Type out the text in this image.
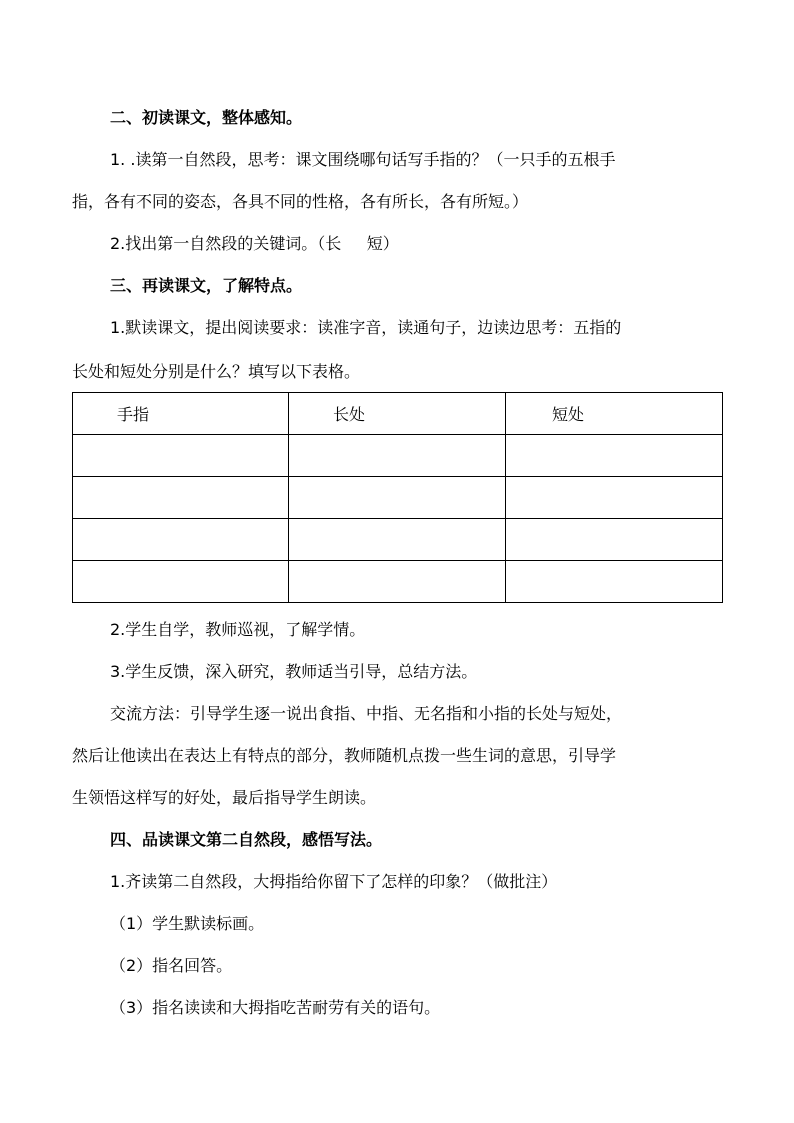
二、初读课文，整体感知。
1. .读第一自然段，思考：课文围绕哪句话写手指的？（一只手的五根手
指，各有不同的姿态，各具不同的性格，各有所长，各有所短。）
2.找出第一自然段的关键词。（长     短）
三、再读课文，了解特点。
1.默读课文，提出阅读要求：读准字音，读通句子，边读边思考：五指的
长处和短处分别是什么？填写以下表格。
手指	长处	短处

2.学生自学，教师巡视，了解学情。
3.学生反馈，深入研究，教师适当引导，总结方法。
交流方法：引导学生逐一说出食指、中指、无名指和小指的长处与短处，
然后让他读出在表达上有特点的部分，教师随机点拨一些生词的意思，引导学
生领悟这样写的好处，最后指导学生朗读。
四、品读课文第二自然段，感悟写法。
1.齐读第二自然段，大拇指给你留下了怎样的印象？（做批注）
（1）学生默读标画。
（2）指名回答。
（3）指名读读和大拇指吃苦耐劳有关的语句。
